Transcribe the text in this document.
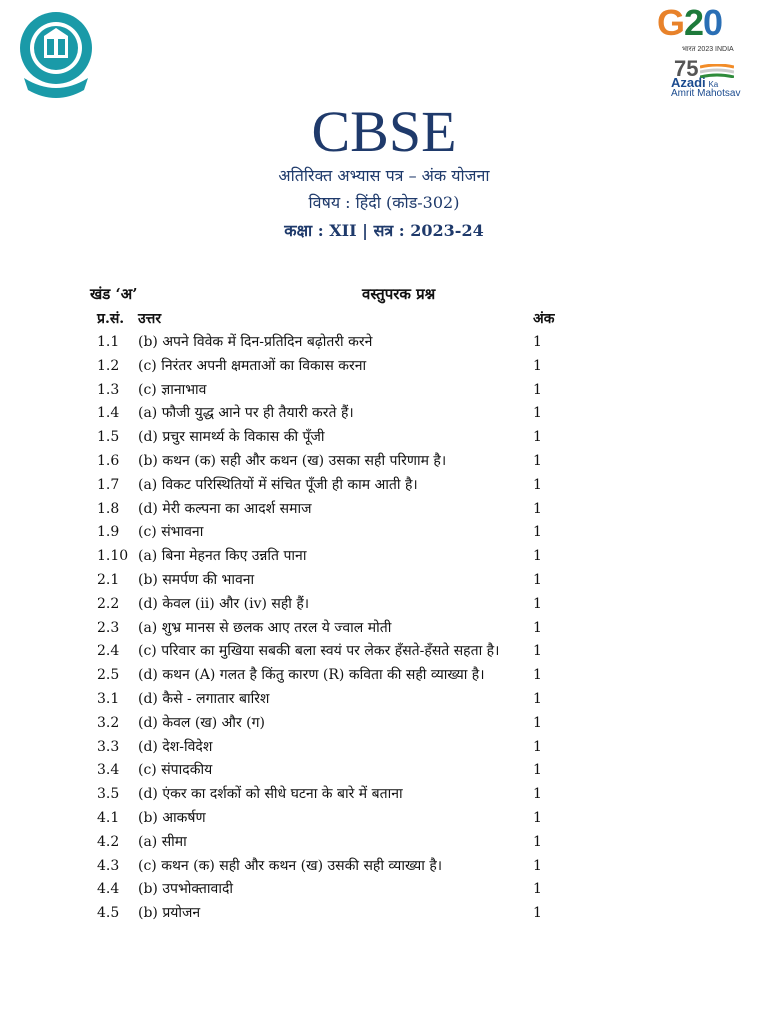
G20
भारत 2023 INDIA
75
Azadi Ka
Amrit Mahotsav
CBSE
अतिरिक्त अभ्यास पत्र – अंक योजना
विषय : हिंदी (कोड-302)
कक्षा : XII | सत्र : 2023-24
खंड ‘अ’	वस्तुपरक प्रश्न
प्र.सं. उत्तर	अंक
1.1 (b) अपने विवेक में दिन-प्रतिदिन बढ़ोतरी करने	1
1.2 (c) निरंतर अपनी क्षमताओं का विकास करना	1
1.3 (c) ज्ञानाभाव	1
1.4 (a) फौजी युद्ध आने पर ही तैयारी करते हैं।	1
1.5 (d) प्रचुर सामर्थ्य के विकास की पूँजी	1
1.6 (b) कथन (क) सही और कथन (ख) उसका सही परिणाम है।	1
1.7 (a) विकट परिस्थितियों में संचित पूँजी ही काम आती है।	1
1.8 (d) मेरी कल्पना का आदर्श समाज	1
1.9 (c) संभावना	1
1.10 (a) बिना मेहनत किए उन्नति पाना	1
2.1 (b) समर्पण की भावना	1
2.2 (d) केवल (ii) और (iv) सही हैं।	1
2.3 (a) शुभ्र मानस से छलक आए तरल ये ज्वाल मोती	1
2.4 (c) परिवार का मुखिया सबकी बला स्वयं पर लेकर हँसते-हँसते सहता है। 1
2.5 (d) कथन (A) गलत है किंतु कारण (R) कविता की सही व्याख्या है।	1
3.1 (d) कैसे - लगातार बारिश	1
3.2 (d) केवल (ख) और (ग)	1
3.3 (d) देश-विदेश	1
3.4 (c) संपादकीय	1
3.5 (d) एंकर का दर्शकों को सीधे घटना के बारे में बताना	1
4.1 (b) आकर्षण	1
4.2 (a) सीमा	1
4.3 (c) कथन (क) सही और कथन (ख) उसकी सही व्याख्या है।	1
4.4 (b) उपभोक्तावादी	1
4.5 (b) प्रयोजन	1
